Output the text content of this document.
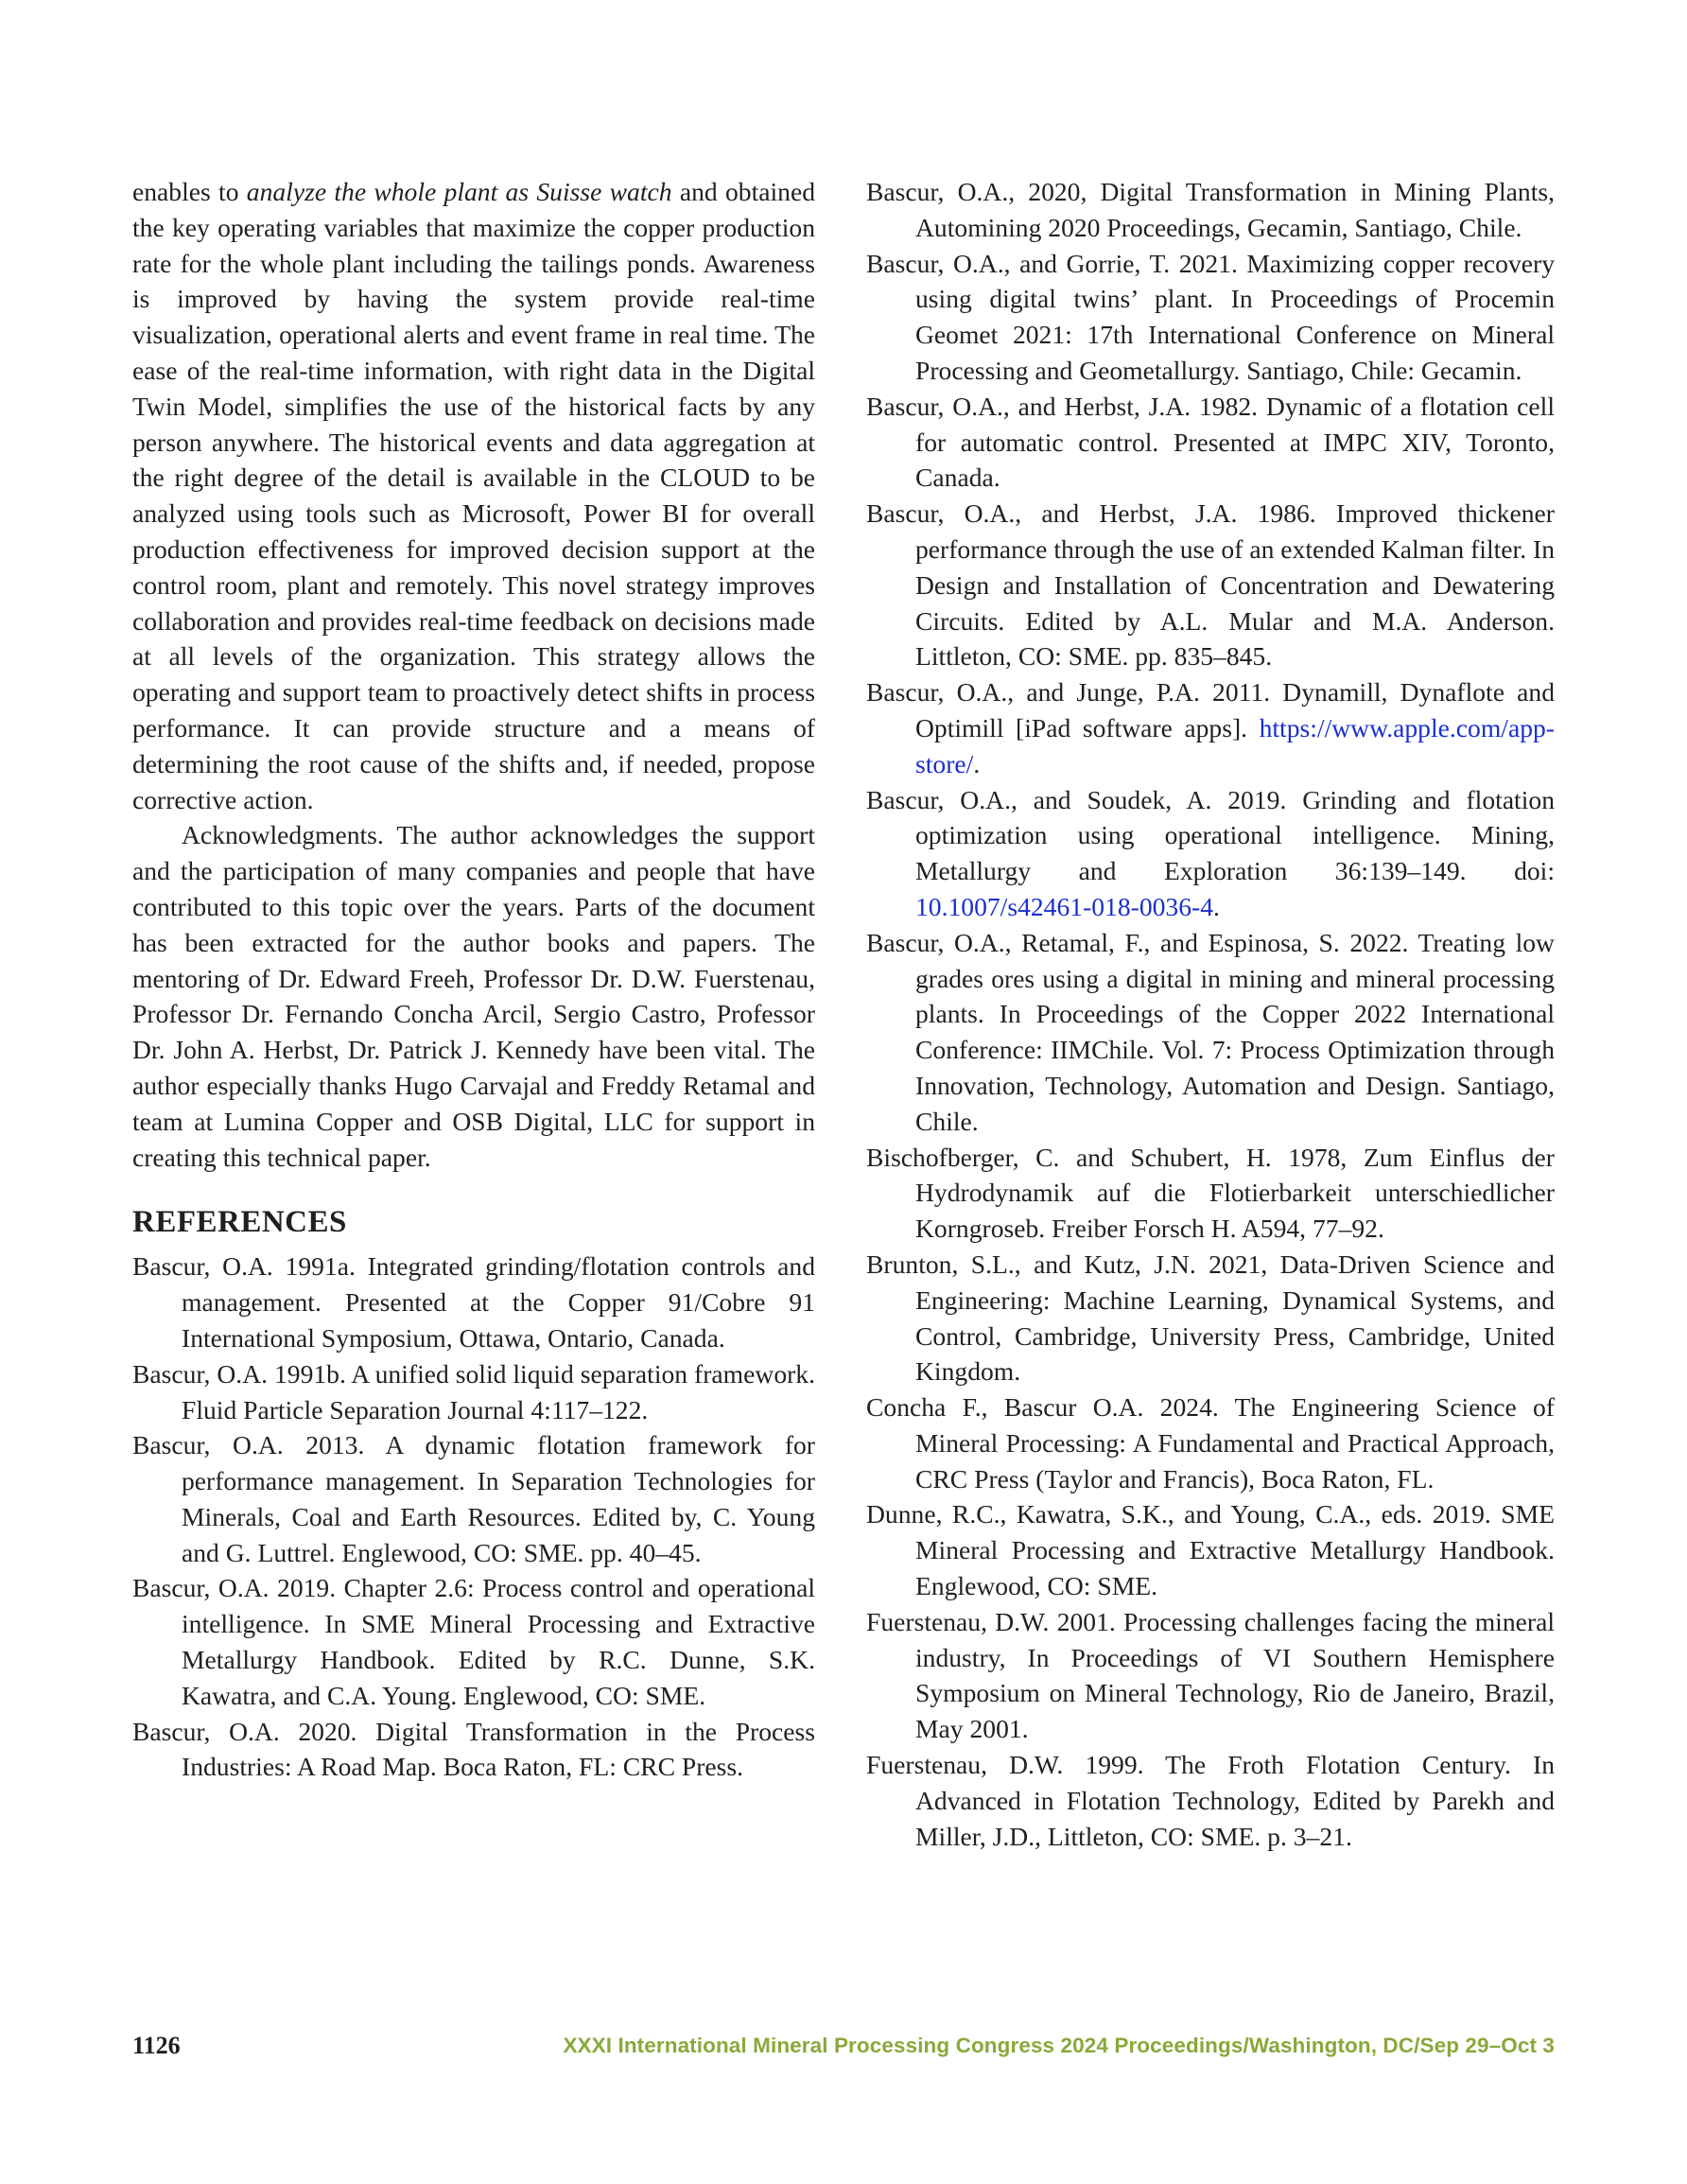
enables to analyze the whole plant as Suisse watch and obtained the key operating variables that maximize the copper production rate for the whole plant including the tailings ponds. Awareness is improved by having the system provide real-time visualization, operational alerts and event frame in real time. The ease of the real-time information, with right data in the Digital Twin Model, simplifies the use of the historical facts by any person anywhere. The historical events and data aggregation at the right degree of the detail is available in the CLOUD to be analyzed using tools such as Microsoft, Power BI for overall production effectiveness for improved decision support at the control room, plant and remotely. This novel strategy improves collaboration and provides real-time feedback on decisions made at all levels of the organization. This strategy allows the operating and support team to proactively detect shifts in process performance. It can provide structure and a means of determining the root cause of the shifts and, if needed, propose corrective action.

Acknowledgments. The author acknowledges the support and the participation of many companies and people that have contributed to this topic over the years. Parts of the document has been extracted for the author books and papers. The mentoring of Dr. Edward Freeh, Professor Dr. D.W. Fuerstenau, Professor Dr. Fernando Concha Arcil, Sergio Castro, Professor Dr. John A. Herbst, Dr. Patrick J. Kennedy have been vital. The author especially thanks Hugo Carvajal and Freddy Retamal and team at Lumina Copper and OSB Digital, LLC for support in creating this technical paper.

REFERENCES

Bascur, O.A. 1991a. Integrated grinding/flotation controls and management. Presented at the Copper 91/Cobre 91 International Symposium, Ottawa, Ontario, Canada.

Bascur, O.A. 1991b. A unified solid liquid separation framework. Fluid Particle Separation Journal 4:117–122.

Bascur, O.A. 2013. A dynamic flotation framework for performance management. In Separation Technologies for Minerals, Coal and Earth Resources. Edited by, C. Young and G. Luttrel. Englewood, CO: SME. pp. 40–45.

Bascur, O.A. 2019. Chapter 2.6: Process control and operational intelligence. In SME Mineral Processing and Extractive Metallurgy Handbook. Edited by R.C. Dunne, S.K. Kawatra, and C.A. Young. Englewood, CO: SME.

Bascur, O.A. 2020. Digital Transformation in the Process Industries: A Road Map. Boca Raton, FL: CRC Press.

Bascur, O.A., 2020, Digital Transformation in Mining Plants, Automining 2020 Proceedings, Gecamin, Santiago, Chile.

Bascur, O.A., and Gorrie, T. 2021. Maximizing copper recovery using digital twins’ plant. In Proceedings of Procemin Geomet 2021: 17th International Conference on Mineral Processing and Geometallurgy. Santiago, Chile: Gecamin.

Bascur, O.A., and Herbst, J.A. 1982. Dynamic of a flotation cell for automatic control. Presented at IMPC XIV, Toronto, Canada.

Bascur, O.A., and Herbst, J.A. 1986. Improved thickener performance through the use of an extended Kalman filter. In Design and Installation of Concentration and Dewatering Circuits. Edited by A.L. Mular and M.A. Anderson. Littleton, CO: SME. pp. 835–845.

Bascur, O.A., and Junge, P.A. 2011. Dynamill, Dynaflote and Optimill [iPad software apps]. https://www.apple.com/app-store/.

Bascur, O.A., and Soudek, A. 2019. Grinding and flotation optimization using operational intelligence. Mining, Metallurgy and Exploration 36:139–149. doi: 10.1007/s42461-018-0036-4.

Bascur, O.A., Retamal, F., and Espinosa, S. 2022. Treating low grades ores using a digital in mining and mineral processing plants. In Proceedings of the Copper 2022 International Conference: IIMChile. Vol. 7: Process Optimization through Innovation, Technology, Automation and Design. Santiago, Chile.

Bischofberger, C. and Schubert, H. 1978, Zum Einflus der Hydrodynamik auf die Flotierbarkeit unterschiedlicher Korngroseb. Freiber Forsch H. A594, 77–92.

Brunton, S.L., and Kutz, J.N. 2021, Data-Driven Science and Engineering: Machine Learning, Dynamical Systems, and Control, Cambridge, University Press, Cambridge, United Kingdom.

Concha F., Bascur O.A. 2024. The Engineering Science of Mineral Processing: A Fundamental and Practical Approach, CRC Press (Taylor and Francis), Boca Raton, FL.

Dunne, R.C., Kawatra, S.K., and Young, C.A., eds. 2019. SME Mineral Processing and Extractive Metallurgy Handbook. Englewood, CO: SME.

Fuerstenau, D.W. 2001. Processing challenges facing the mineral industry, In Proceedings of VI Southern Hemisphere Symposium on Mineral Technology, Rio de Janeiro, Brazil, May 2001.

Fuerstenau, D.W. 1999. The Froth Flotation Century. In Advanced in Flotation Technology, Edited by Parekh and Miller, J.D., Littleton, CO: SME. p. 3–21.

1126	XXXI International Mineral Processing Congress 2024 Proceedings/Washington, DC/Sep 29–Oct 3
